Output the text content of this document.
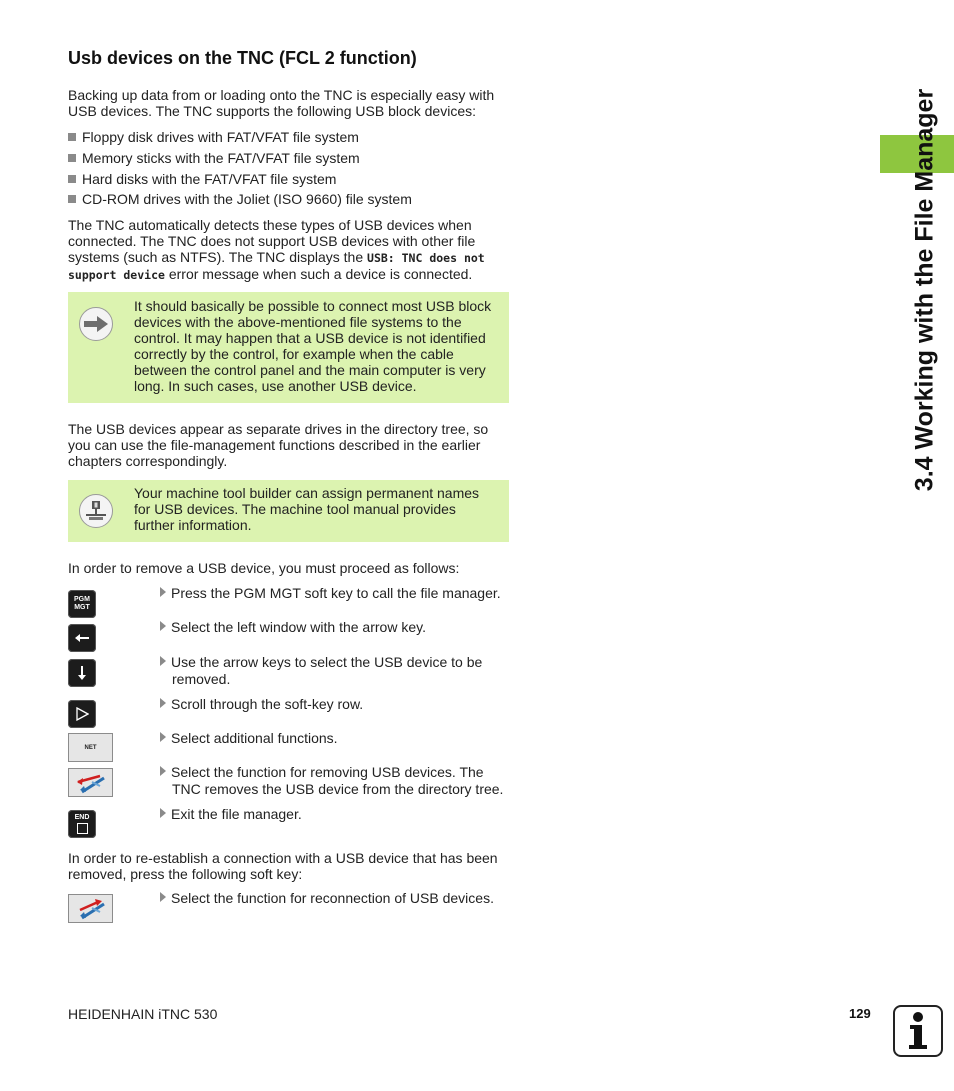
3.4 Working with the File Manager
Usb devices on the TNC (FCL 2 function)
Backing up data from or loading onto the TNC is especially easy with USB devices. The TNC supports the following USB block devices:
Floppy disk drives with FAT/VFAT file system
Memory sticks with the FAT/VFAT file system
Hard disks with the FAT/VFAT file system
CD-ROM drives with the Joliet (ISO 9660) file system
The TNC automatically detects these types of USB devices when connected. The TNC does not support USB devices with other file systems (such as NTFS). The TNC displays the USB: TNC does not support device error message when such a device is connected.
It should basically be possible to connect most USB block devices with the above-mentioned file systems to the control. It may happen that a USB device is not identified correctly by the control, for example when the cable between the control panel and the main computer is very long. In such cases, use another USB device.
The USB devices appear as separate drives in the directory tree, so you can use the file-management functions described in the earlier chapters correspondingly.
Your machine tool builder can assign permanent names for USB devices. The machine tool manual provides further information.
In order to remove a USB device, you must proceed as follows:
PGM
MGT
Press the PGM MGT soft key to call the file manager.
Select the left window with the arrow key.
Use the arrow keys to select the USB device to be
removed.
Scroll through the soft-key row.
NET
Select additional functions.
Select the function for removing USB devices. The
TNC removes the USB device from the directory tree.
END	Exit the file manager.
In order to re-establish a connection with a USB device that has been removed, press the following soft key:
Select the function for reconnection of USB devices.
HEIDENHAIN iTNC 530	129
